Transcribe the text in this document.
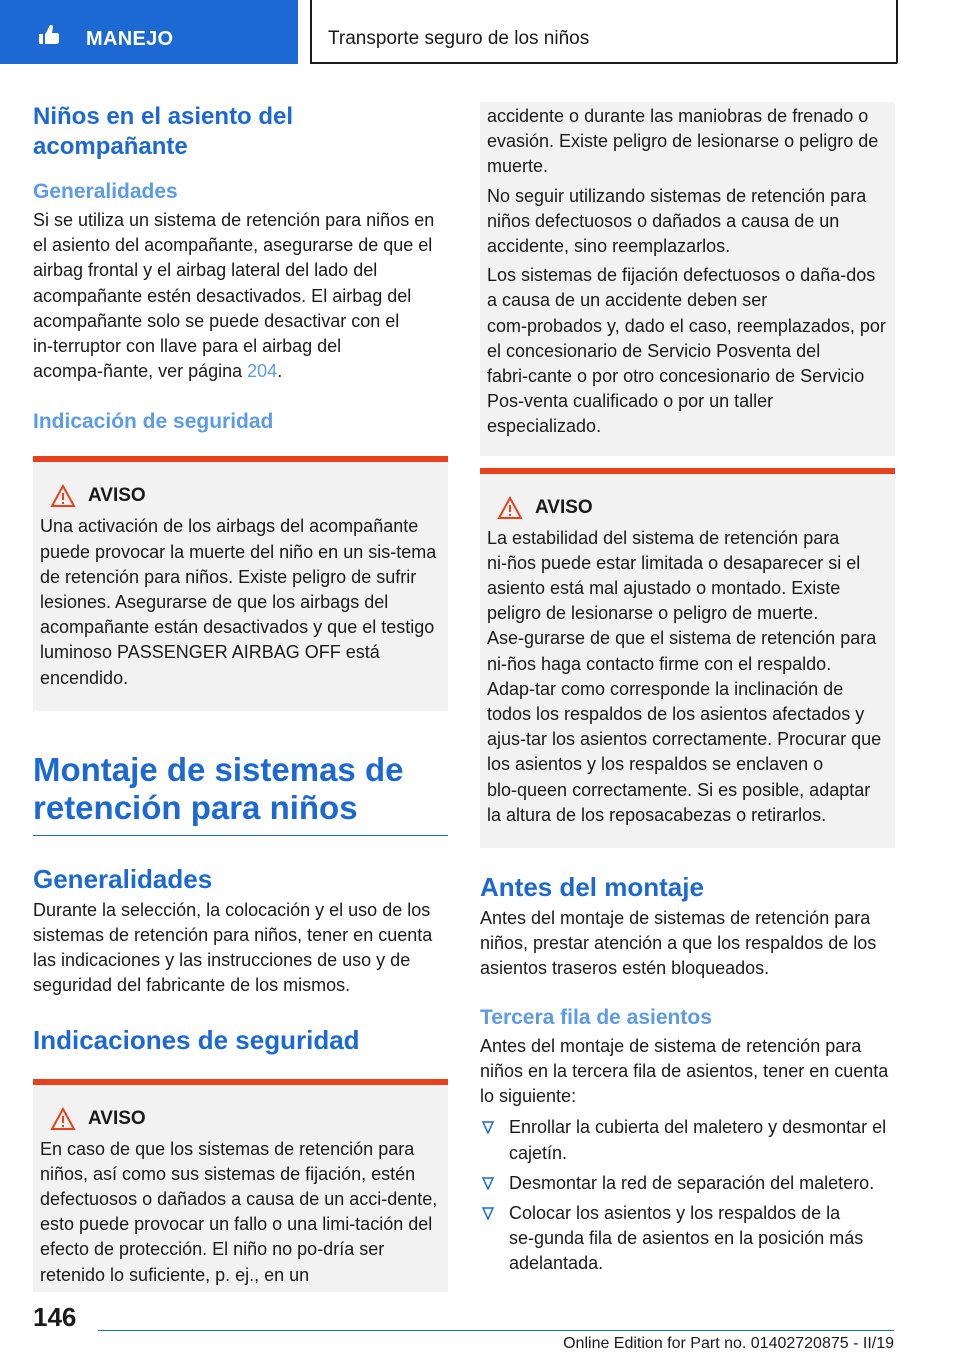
MANEJO	Transporte seguro de los niños
Niños en el asiento del acompañante
Generalidades

Si se utiliza un sistema de retención para niños en el asiento del acompañante, asegurarse de que el airbag frontal y el airbag lateral del lado del acompañante estén desactivados. El airbag del acompañante solo se puede desactivar con el in‑terruptor con llave para el airbag del acompa‑ñante, ver página 204.

Indicación de seguridad
AVISO

Una activación de los airbags del acompañante puede provocar la muerte del niño en un sis‑tema de retención para niños. Existe peligro de sufrir lesiones. Asegurarse de que los airbags del acompañante están desactivados y que el testigo luminoso PASSENGER AIRBAG OFF está encendido.

Montaje de sistemas de retención para niños
Generalidades

Durante la selección, la colocación y el uso de los sistemas de retención para niños, tener en cuenta las indicaciones y las instrucciones de uso y de seguridad del fabricante de los mismos.

Indicaciones de seguridad
AVISO

En caso de que los sistemas de retención para niños, así como sus sistemas de fijación, estén defectuosos o dañados a causa de un acci‑dente, esto puede provocar un fallo o una limi‑tación del efecto de protección. El niño no po‑dría ser retenido lo suficiente, p. ej., en un

accidente o durante las maniobras de frenado o evasión. Existe peligro de lesionarse o peligro de muerte.

No seguir utilizando sistemas de retención para niños defectuosos o dañados a causa de un accidente, sino reemplazarlos.

Los sistemas de fijación defectuosos o daña‑dos a causa de un accidente deben ser com‑probados y, dado el caso, reemplazados, por el concesionario de Servicio Posventa del fabri‑cante o por otro concesionario de Servicio Pos‑venta cualificado o por un taller especializado.

AVISO

La estabilidad del sistema de retención para ni‑ños puede estar limitada o desaparecer si el asiento está mal ajustado o montado. Existe peligro de lesionarse o peligro de muerte. Ase‑gurarse de que el sistema de retención para ni‑ños haga contacto firme con el respaldo. Adap‑tar como corresponde la inclinación de todos los respaldos de los asientos afectados y ajus‑tar los asientos correctamente. Procurar que los asientos y los respaldos se enclaven o blo‑queen correctamente. Si es posible, adaptar la altura de los reposacabezas o retirarlos.

Antes del montaje

Antes del montaje de sistemas de retención para niños, prestar atención a que los respaldos de los asientos traseros estén bloqueados.

Tercera fila de asientos

Antes del montaje de sistema de retención para niños en la tercera fila de asientos, tener en cuenta lo siguiente:

Enrollar la cubierta del maletero y desmontar el cajetín.
Desmontar la red de separación del maletero.
Colocar los asientos y los respaldos de la se‑gunda fila de asientos en la posición más adelantada.
146
Online Edition for Part no. 01402720875 - II/19
